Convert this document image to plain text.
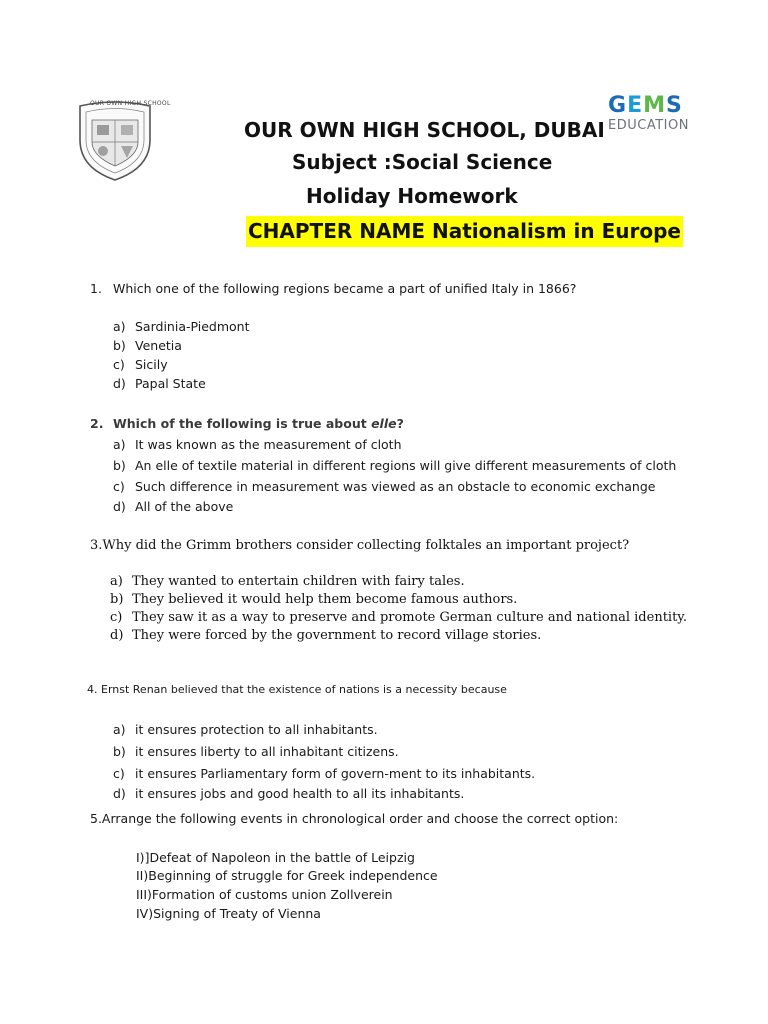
OUR OWN HIGH SCHOOL
OUR OWN HIGH SCHOOL, DUBAI
Subject :Social Science
Holiday Homework
CHAPTER NAME Nationalism in Europe
GEMS
EDUCATION
1. Which one of the following regions became a part of unified Italy in 1866?
a) Sardinia-Piedmont
b) Venetia
c) Sicily
d) Papal State
2. Which of the following is true about elle?
a) It was known as the measurement of cloth
b) An elle of textile material in different regions will give different measurements of cloth
c) Such difference in measurement was viewed as an obstacle to economic exchange
d) All of the above
3.Why did the Grimm brothers consider collecting folktales an important project?
a) They wanted to entertain children with fairy tales.
b) They believed it would help them become famous authors.
c) They saw it as a way to preserve and promote German culture and national identity.
d) They were forced by the government to record village stories.
4. Ernst Renan believed that the existence of nations is a necessity because
a) it ensures protection to all inhabitants.
b) it ensures liberty to all inhabitant citizens.
c) it ensures Parliamentary form of govern-ment to its inhabitants.
d) it ensures jobs and good health to all its inhabitants.
5.Arrange the following events in chronological order and choose the correct option:
I)]Defeat of Napoleon in the battle of Leipzig
II)Beginning of struggle for Greek independence
III)Formation of customs union Zollverein
IV)Signing of Treaty of Vienna
